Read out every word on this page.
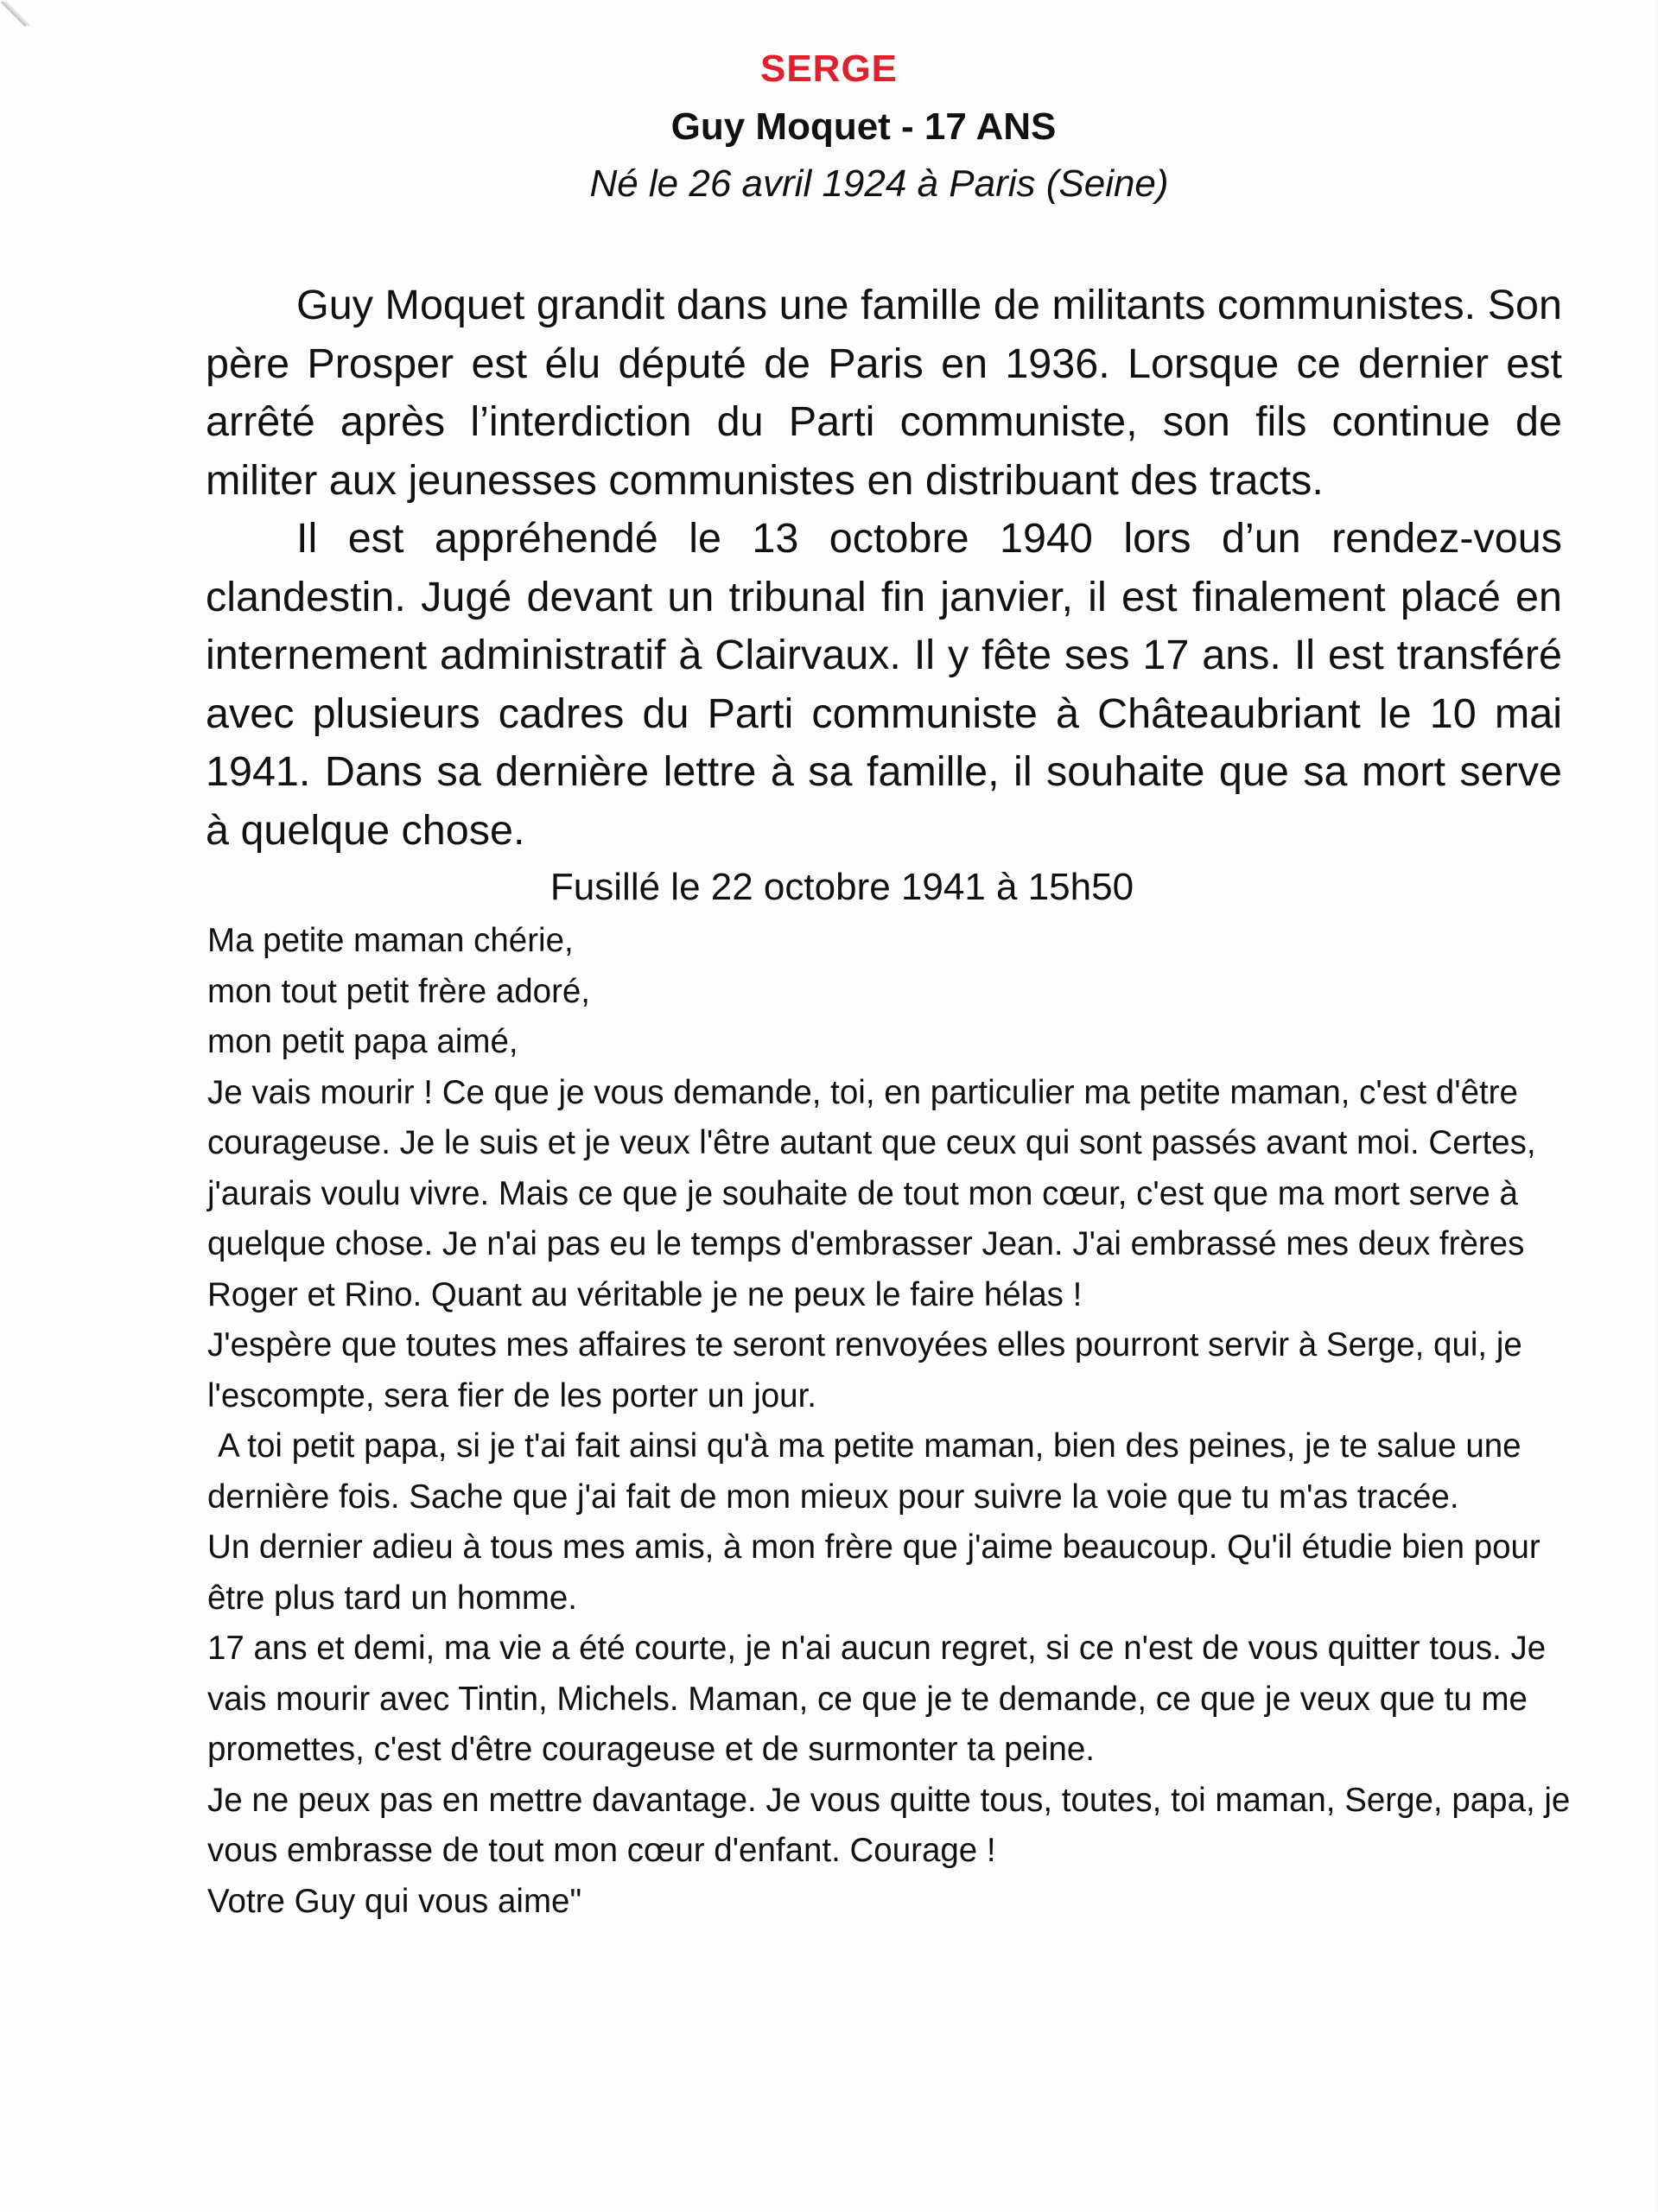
SERGE
Guy Moquet - 17 ANS
Né le 26 avril 1924 à Paris (Seine)

Guy Moquet grandit dans une famille de militants communistes. Son père Prosper est élu député de Paris en 1936. Lorsque ce dernier est arrêté après l’interdiction du Parti communiste, son fils continue de militer aux jeunesses communistes en distribuant des tracts.

Il est appréhendé le 13 octobre 1940 lors d’un rendez-vous clandestin. Jugé devant un tribunal fin janvier, il est finalement placé en internement administratif à Clairvaux. Il y fête ses 17 ans. Il est transféré avec plusieurs cadres du Parti communiste à Châteaubriant le 10 mai 1941. Dans sa dernière lettre à sa famille, il souhaite que sa mort serve à quelque chose.

Fusillé le 22 octobre 1941 à 15h50
Ma petite maman chérie,
mon tout petit frère adoré,
mon petit papa aimé,
Je vais mourir ! Ce que je vous demande, toi, en particulier ma petite maman, c'est d'être courageuse. Je le suis et je veux l'être autant que ceux qui sont passés avant moi. Certes, j'aurais voulu vivre. Mais ce que je souhaite de tout mon cœur, c'est que ma mort serve à quelque chose. Je n'ai pas eu le temps d'embrasser Jean. J'ai embrassé mes deux frères Roger et Rino. Quant au véritable je ne peux le faire hélas !
J'espère que toutes mes affaires te seront renvoyées elles pourront servir à Serge, qui, je l'escompte, sera fier de les porter un jour.
A toi petit papa, si je t'ai fait ainsi qu'à ma petite maman, bien des peines, je te salue une dernière fois. Sache que j'ai fait de mon mieux pour suivre la voie que tu m'as tracée.
Un dernier adieu à tous mes amis, à mon frère que j'aime beaucoup. Qu'il étudie bien pour être plus tard un homme.
17 ans et demi, ma vie a été courte, je n'ai aucun regret, si ce n'est de vous quitter tous. Je vais mourir avec Tintin, Michels. Maman, ce que je te demande, ce que je veux que tu me promettes, c'est d'être courageuse et de surmonter ta peine.
Je ne peux pas en mettre davantage. Je vous quitte tous, toutes, toi maman, Serge, papa, je vous embrasse de tout mon cœur d'enfant. Courage !
Votre Guy qui vous aime"
